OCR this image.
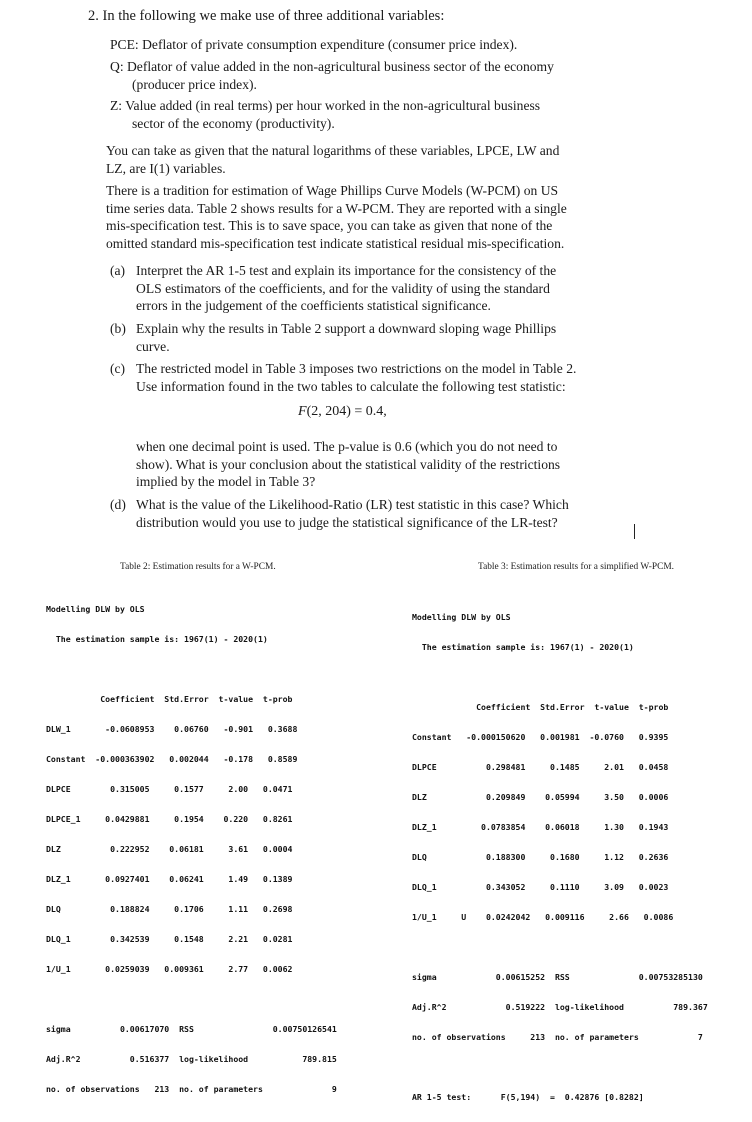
2. In the following we make use of three additional variables:
PCE: Deflator of private consumption expenditure (consumer price index).
Q: Deflator of value added in the non-agricultural business sector of the economy
(producer price index).
Z: Value added (in real terms) per hour worked in the non-agricultural business
sector of the economy (productivity).
You can take as given that the natural logarithms of these variables, LPCE, LW and
LZ, are I(1) variables.
There is a tradition for estimation of Wage Phillips Curve Models (W-PCM) on US
time series data. Table 2 shows results for a W-PCM. They are reported with a single
mis-specification test. This is to save space, you can take as given that none of the
omitted standard mis-specification test indicate statistical residual mis-specification.
(a) Interpret the AR 1-5 test and explain its importance for the consistency of the
OLS estimators of the coefficients, and for the validity of using the standard
errors in the judgement of the coefficients statistical significance.
(b) Explain why the results in Table 2 support a downward sloping wage Phillips
curve.
(c) The restricted model in Table 3 imposes two restrictions on the model in Table 2.
Use information found in the two tables to calculate the following test statistic:
F(2, 204) = 0.4,
when one decimal point is used. The p-value is 0.6 (which you do not need to
show). What is your conclusion about the statistical validity of the restrictions
implied by the model in Table 3?
(d) What is the value of the Likelihood-Ratio (LR) test statistic in this case? Which
distribution would you use to judge the statistical significance of the LR-test?
Table 2: Estimation results for a W-PCM.	Table 3: Estimation results for a simplified W-PCM.

Modelling DLW by OLS

The estimation sample is: 1967(1) - 2020(1)

Coefficient  Std.Error  t-value  t-prob

DLW_1       -0.0608953    0.06760   -0.901   0.3688

Constant  -0.000363902   0.002044   -0.178   0.8589

DLPCE        0.315005     0.1577     2.00   0.0471

DLPCE_1     0.0429881     0.1954    0.220   0.8261

DLZ          0.222952    0.06181     3.61   0.0004

DLZ_1       0.0927401    0.06241     1.49   0.1389

DLQ          0.188824     0.1706     1.11   0.2698

DLQ_1        0.342539     0.1548     2.21   0.0281

1/U_1       0.0259039   0.009361     2.77   0.0062

sigma          0.00617070  RSS                0.00750126541

Adj.R^2          0.516377  log-likelihood           789.815

no. of observations   213  no. of parameters              9

Modelling DLW by OLS

The estimation sample is: 1967(1) - 2020(1)

Coefficient  Std.Error  t-value  t-prob

Constant   -0.000150620   0.001981  -0.0760   0.9395

DLPCE          0.298481     0.1485     2.01   0.0458

DLZ            0.209849    0.05994     3.50   0.0006

DLZ_1         0.0783854    0.06018     1.30   0.1943

DLQ            0.188300     0.1680     1.12   0.2636

DLQ_1          0.343052     0.1110     3.09   0.0023

1/U_1     U    0.0242042   0.009116     2.66   0.0086

sigma            0.00615252  RSS              0.00753285130

Adj.R^2            0.519222  log-likelihood          789.367

no. of observations     213  no. of parameters            7

AR 1-5 test:      F(5,194)  =  0.42876 [0.8282]
